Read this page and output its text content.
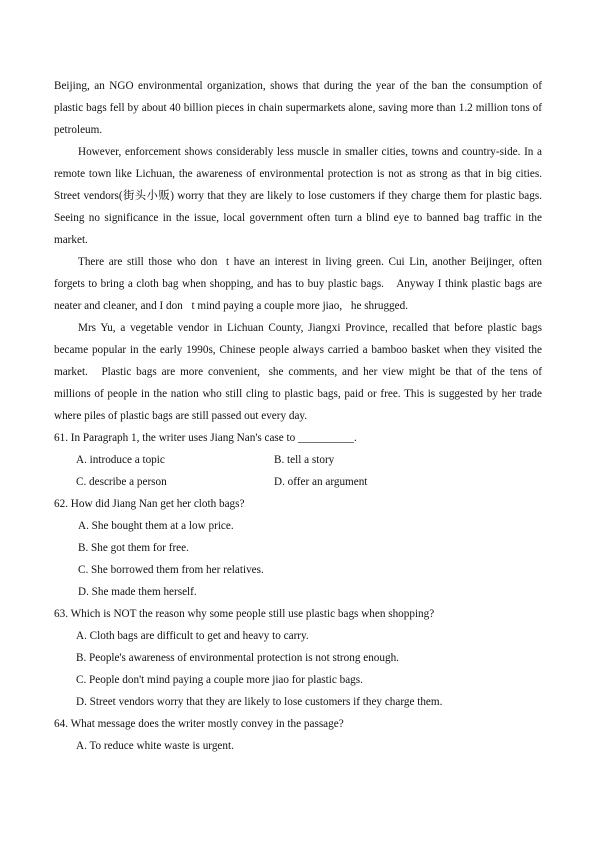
Beijing, an NGO environmental organization, shows that during the year of the ban the consumption of plastic bags fell by about 40 billion pieces in chain supermarkets alone, saving more than 1.2 million tons of petroleum.

However, enforcement shows considerably less muscle in smaller cities, towns and country-side. In a remote town like Lichuan, the awareness of environmental protection is not as strong as that in big cities. Street vendors(街头小贩) worry that they are likely to lose customers if they charge them for plastic bags. Seeing no significance in the issue, local government often turn a blind eye to banned bag traffic in the market.

There are still those who don t have an interest in living green. Cui Lin, another Beijinger, often forgets to bring a cloth bag when shopping, and has to buy plastic bags.  Anyway I think plastic bags are neater and cleaner, and I don t mind paying a couple more jiao, he shrugged.

Mrs Yu, a vegetable vendor in Lichuan County, Jiangxi Province, recalled that before plastic bags became popular in the early 1990s, Chinese people always carried a bamboo basket when they visited the market.  Plastic bags are more convenient, she comments, and her view might be that of the tens of millions of people in the nation who still cling to plastic bags, paid or free. This is suggested by her trade where piles of plastic bags are still passed out every day.

61. In Paragraph 1, the writer uses Jiang Nan's case to __________.

A. introduce a topic	B. tell a story

C. describe a person	D. offer an argument

62. How did Jiang Nan get her cloth bags?

A. She bought them at a low price.

B. She got them for free.

C. She borrowed them from her relatives.

D. She made them herself.

63. Which is NOT the reason why some people still use plastic bags when shopping?

A. Cloth bags are difficult to get and heavy to carry.

B. People's awareness of environmental protection is not strong enough.

C. People don't mind paying a couple more jiao for plastic bags.

D. Street vendors worry that they are likely to lose customers if they charge them.

64. What message does the writer mostly convey in the passage?

A. To reduce white waste is urgent.
